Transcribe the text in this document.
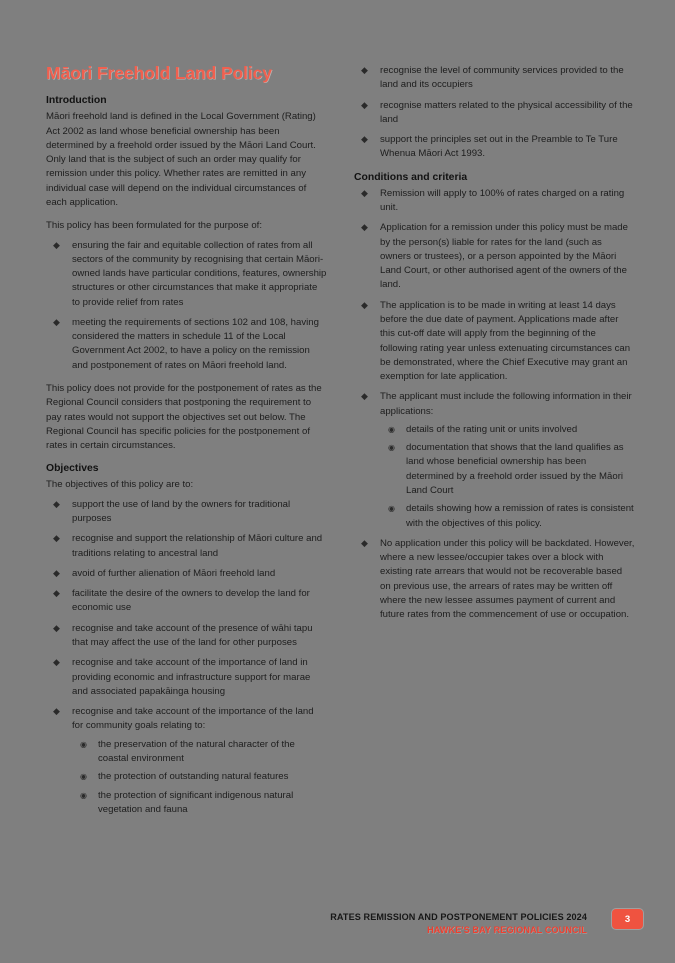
Māori Freehold Land Policy
Introduction

Māori freehold land is defined in the Local Government (Rating) Act 2002 as land whose beneficial ownership has been determined by a freehold order issued by the Māori Land Court. Only land that is the subject of such an order may qualify for remission under this policy. Whether rates are remitted in any individual case will depend on the individual circumstances of each application.

This policy has been formulated for the purpose of:

◆ ensuring the fair and equitable collection of rates from all sectors of the community by recognising that certain Māori-owned lands have particular conditions, features, ownership structures or other circumstances that make it appropriate to provide relief from rates
◆ meeting the requirements of sections 102 and 108, having considered the matters in schedule 11 of the Local Government Act 2002, to have a policy on the remission and postponement of rates on Māori freehold land.

This policy does not provide for the postponement of rates as the Regional Council considers that postponing the requirement to pay rates would not support the objectives set out below. The Regional Council has specific policies for the postponement of rates in certain circumstances.

Objectives

The objectives of this policy are to:

◆ support the use of land by the owners for traditional purposes
◆ recognise and support the relationship of Māori culture and traditions relating to ancestral land
◆ avoid of further alienation of Māori freehold land
◆ facilitate the desire of the owners to develop the land for economic use
◆ recognise and take account of the presence of wāhi tapu that may affect the use of the land for other purposes
◆ recognise and take account of the importance of land in providing economic and infrastructure support for marae and associated papakāinga housing
◆ recognise and take account of the importance of the land for community goals relating to:
◉ the preservation of the natural character of the coastal environment
◉ the protection of outstanding natural features
◉ the protection of significant indigenous natural vegetation and fauna
◆ recognise the level of community services provided to the land and its occupiers
◆ recognise matters related to the physical accessibility of the land
◆ support the principles set out in the Preamble to Te Ture Whenua Māori Act 1993.
Conditions and criteria
◆ Remission will apply to 100% of rates charged on a rating unit.
◆ Application for a remission under this policy must be made by the person(s) liable for rates for the land (such as owners or trustees), or a person appointed by the Māori Land Court, or other authorised agent of the owners of the land.
◆ The application is to be made in writing at least 14 days before the due date of payment. Applications made after this cut-off date will apply from the beginning of the following rating year unless extenuating circumstances can be demonstrated, where the Chief Executive may grant an exemption for late application.
◆ The applicant must include the following information in their applications:
◉ details of the rating unit or units involved
◉ documentation that shows that the land qualifies as land whose beneficial ownership has been determined by a freehold order issued by the Māori Land Court
◉ details showing how a remission of rates is consistent with the objectives of this policy.
◆ No application under this policy will be backdated. However, where a new lessee/occupier takes over a block with existing rate arrears that would not be recoverable based on previous use, the arrears of rates may be written off where the new lessee assumes payment of current and future rates from the commencement of use or occupation.
RATES REMISSION AND POSTPONEMENT POLICIES 2024
HAWKE'S BAY REGIONAL COUNCIL
3
